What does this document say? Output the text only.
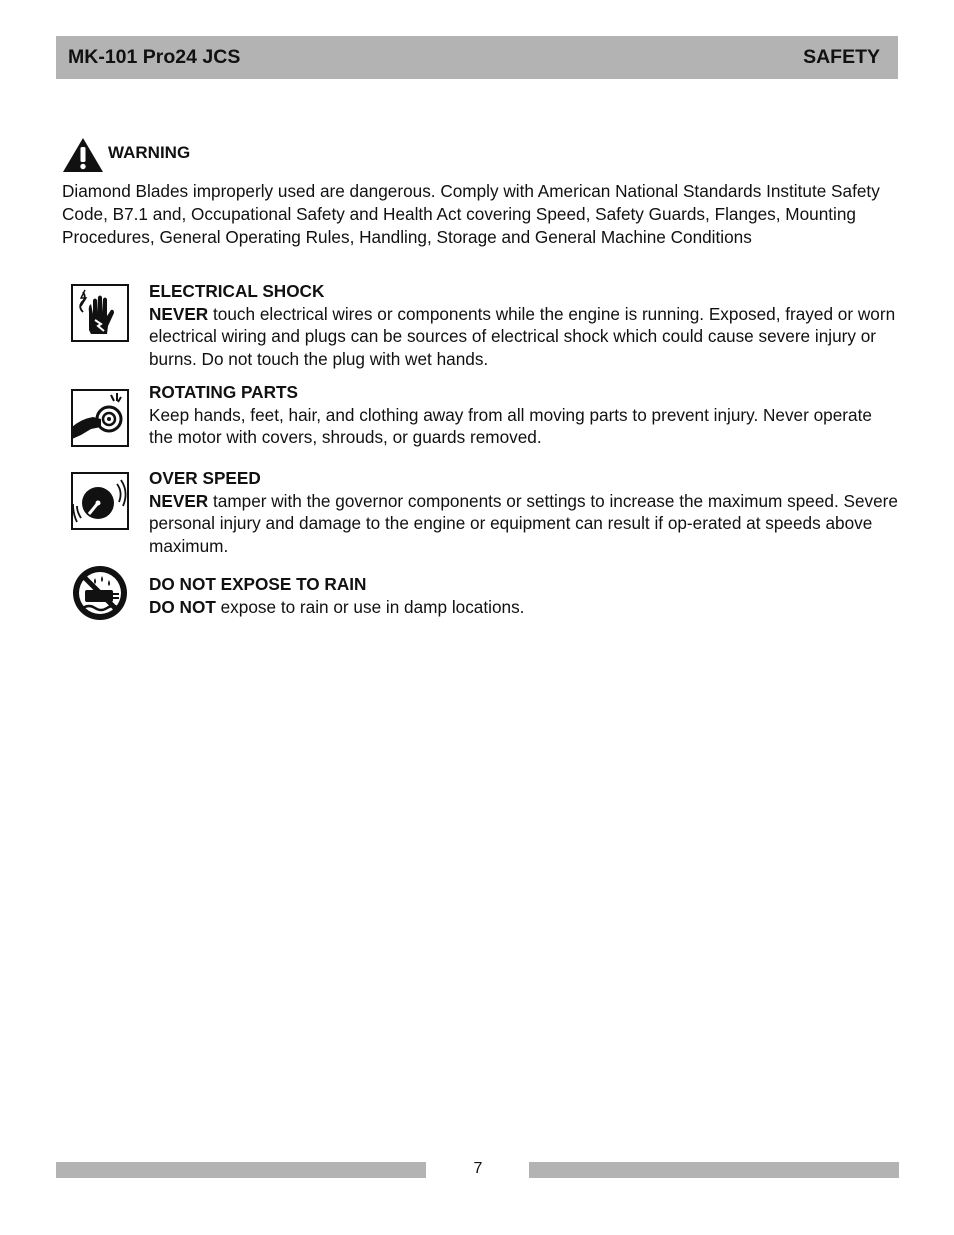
MK-101 Pro24 JCS	SAFETY
WARNING
Diamond Blades improperly used are dangerous. Comply with American National Standards Institute Safety Code, B7.1 and, Occupational Safety and Health Act covering Speed, Safety Guards, Flanges, Mounting Procedures, General Operating Rules, Handling, Storage and General Machine Conditions
ELECTRICAL SHOCK
NEVER touch electrical wires or components while the engine is running. Exposed, frayed or worn electrical wiring and plugs can be sources of electrical shock which could cause severe injury or burns. Do not touch the plug with wet hands.
ROTATING PARTS
Keep hands, feet, hair, and clothing away from all moving parts to prevent injury. Never operate the motor with covers, shrouds, or guards removed.
OVER SPEED
NEVER tamper with the governor components or settings to increase the maximum speed. Severe personal injury and damage to the engine or equipment can result if op-erated at speeds above maximum.
DO NOT EXPOSE TO RAIN
DO NOT expose to rain or use in damp locations.
7
